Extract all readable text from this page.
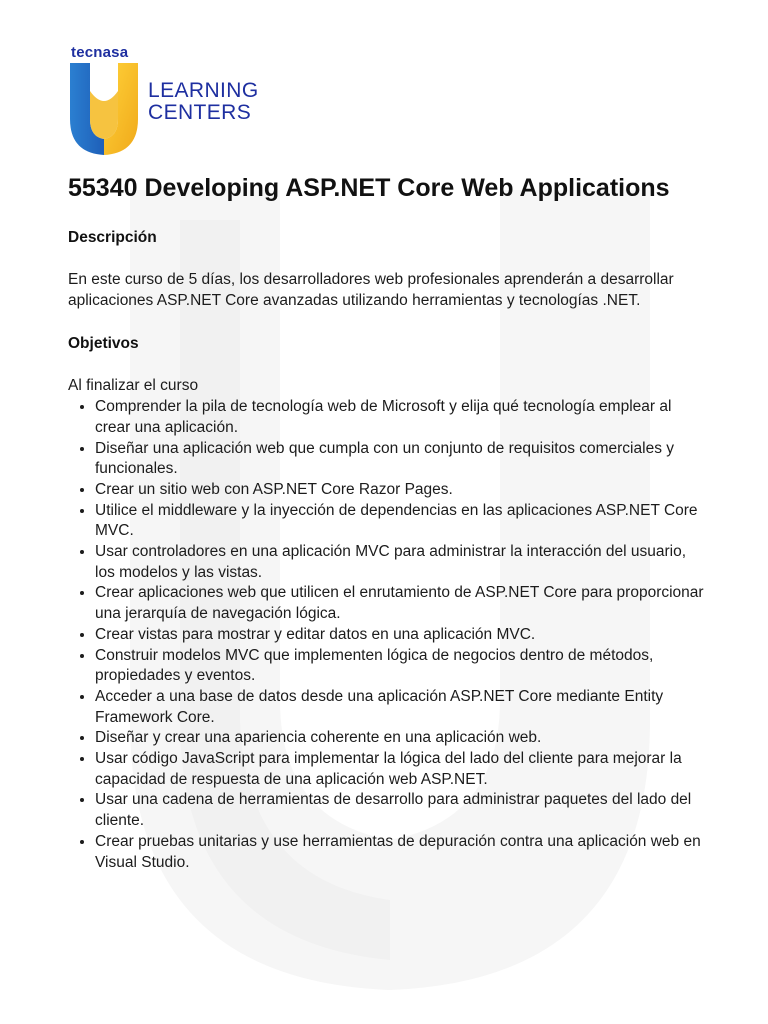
tecnasa
LEARNING
CENTERS
55340 Developing ASP.NET Core Web Applications
Descripción

En este curso de 5 días, los desarrolladores web profesionales aprenderán a desarrollar aplicaciones ASP.NET Core avanzadas utilizando herramientas y tecnologías .NET.

Objetivos
Al finalizar el curso
• Comprender la pila de tecnología web de Microsoft y elija qué tecnología emplear al crear una aplicación.
• Diseñar una aplicación web que cumpla con un conjunto de requisitos comerciales y funcionales.
• Crear un sitio web con ASP.NET Core Razor Pages.
• Utilice el middleware y la inyección de dependencias en las aplicaciones ASP.NET Core MVC.
• Usar controladores en una aplicación MVC para administrar la interacción del usuario, los modelos y las vistas.
• Crear aplicaciones web que utilicen el enrutamiento de ASP.NET Core para proporcionar una jerarquía de navegación lógica.
• Crear vistas para mostrar y editar datos en una aplicación MVC.
• Construir modelos MVC que implementen lógica de negocios dentro de métodos, propiedades y eventos.
• Acceder a una base de datos desde una aplicación ASP.NET Core mediante Entity Framework Core.
• Diseñar y crear una apariencia coherente en una aplicación web.
• Usar código JavaScript para implementar la lógica del lado del cliente para mejorar la capacidad de respuesta de una aplicación web ASP.NET.
• Usar una cadena de herramientas de desarrollo para administrar paquetes del lado del cliente.
• Crear pruebas unitarias y use herramientas de depuración contra una aplicación web en Visual Studio.
